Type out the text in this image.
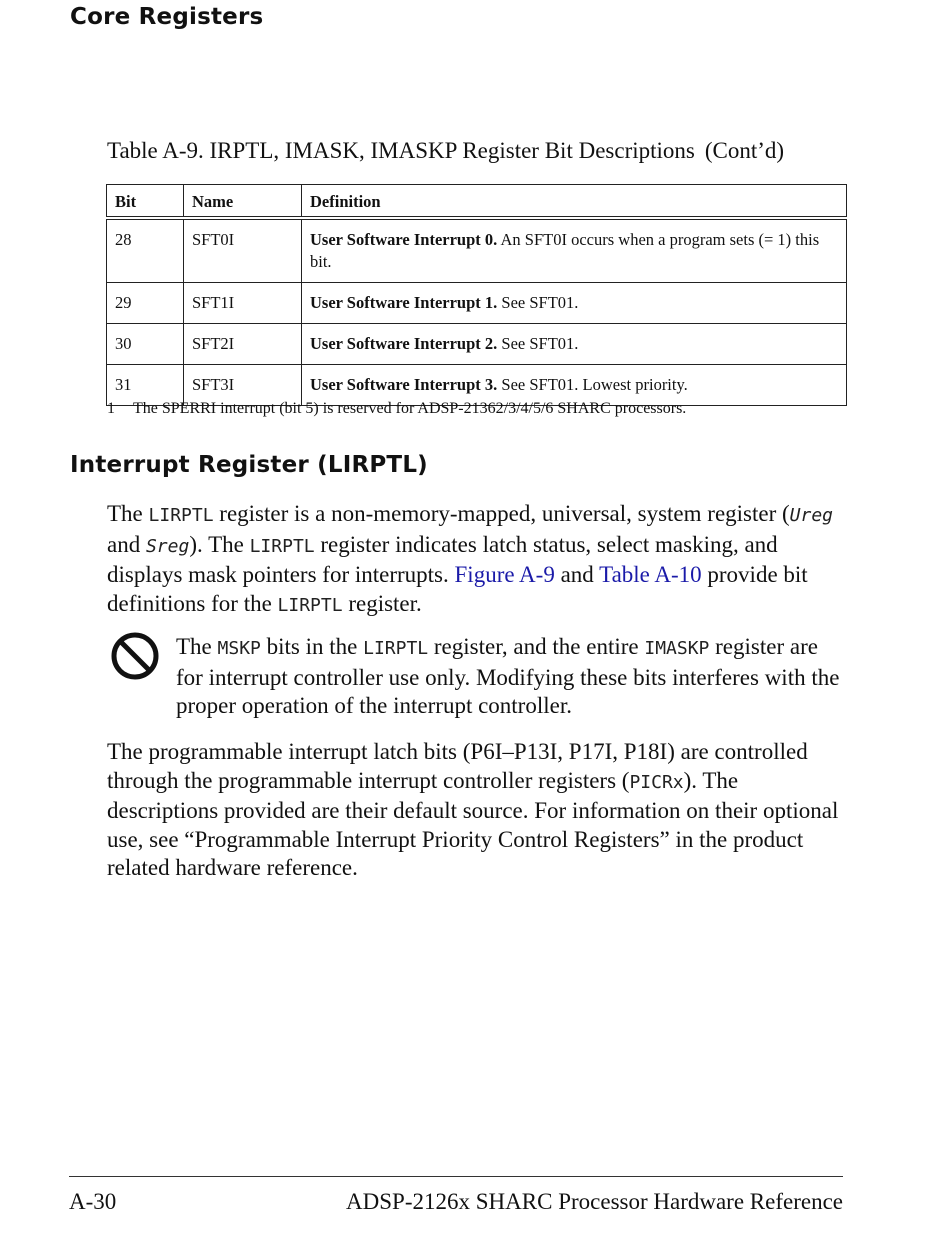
Core Registers
Table A-9. IRPTL, IMASK, IMASKP Register Bit Descriptions (Cont’d)
Bit	Name	Definition
28	SFT0I	User Software Interrupt 0. An SFT0I occurs when a program sets (= 1) this bit.
29	SFT1I	User Software Interrupt 1. See SFT01.
30	SFT2I	User Software Interrupt 2. See SFT01.
31	SFT3I	User Software Interrupt 3. See SFT01. Lowest priority.
1 The SPERRI interrupt (bit 5) is reserved for ADSP-21362/3/4/5/6 SHARC processors.
Interrupt Register (LIRPTL)

The LIRPTL register is a non-memory-mapped, universal, system register (Ureg and Sreg). The LIRPTL register indicates latch status, select masking, and displays mask pointers for interrupts. Figure A-9 and Table A-10 provide bit definitions for the LIRPTL register.

The MSKP bits in the LIRPTL register, and the entire IMASKP register are for interrupt controller use only. Modifying these bits interferes with the proper operation of the interrupt controller.

The programmable interrupt latch bits (P6I–P13I, P17I, P18I) are controlled through the programmable interrupt controller registers (PICRx). The descriptions provided are their default source. For information on their optional use, see “Programmable Interrupt Priority Control Registers” in the product related hardware reference.

A-30	ADSP-2126x SHARC Processor Hardware Reference
